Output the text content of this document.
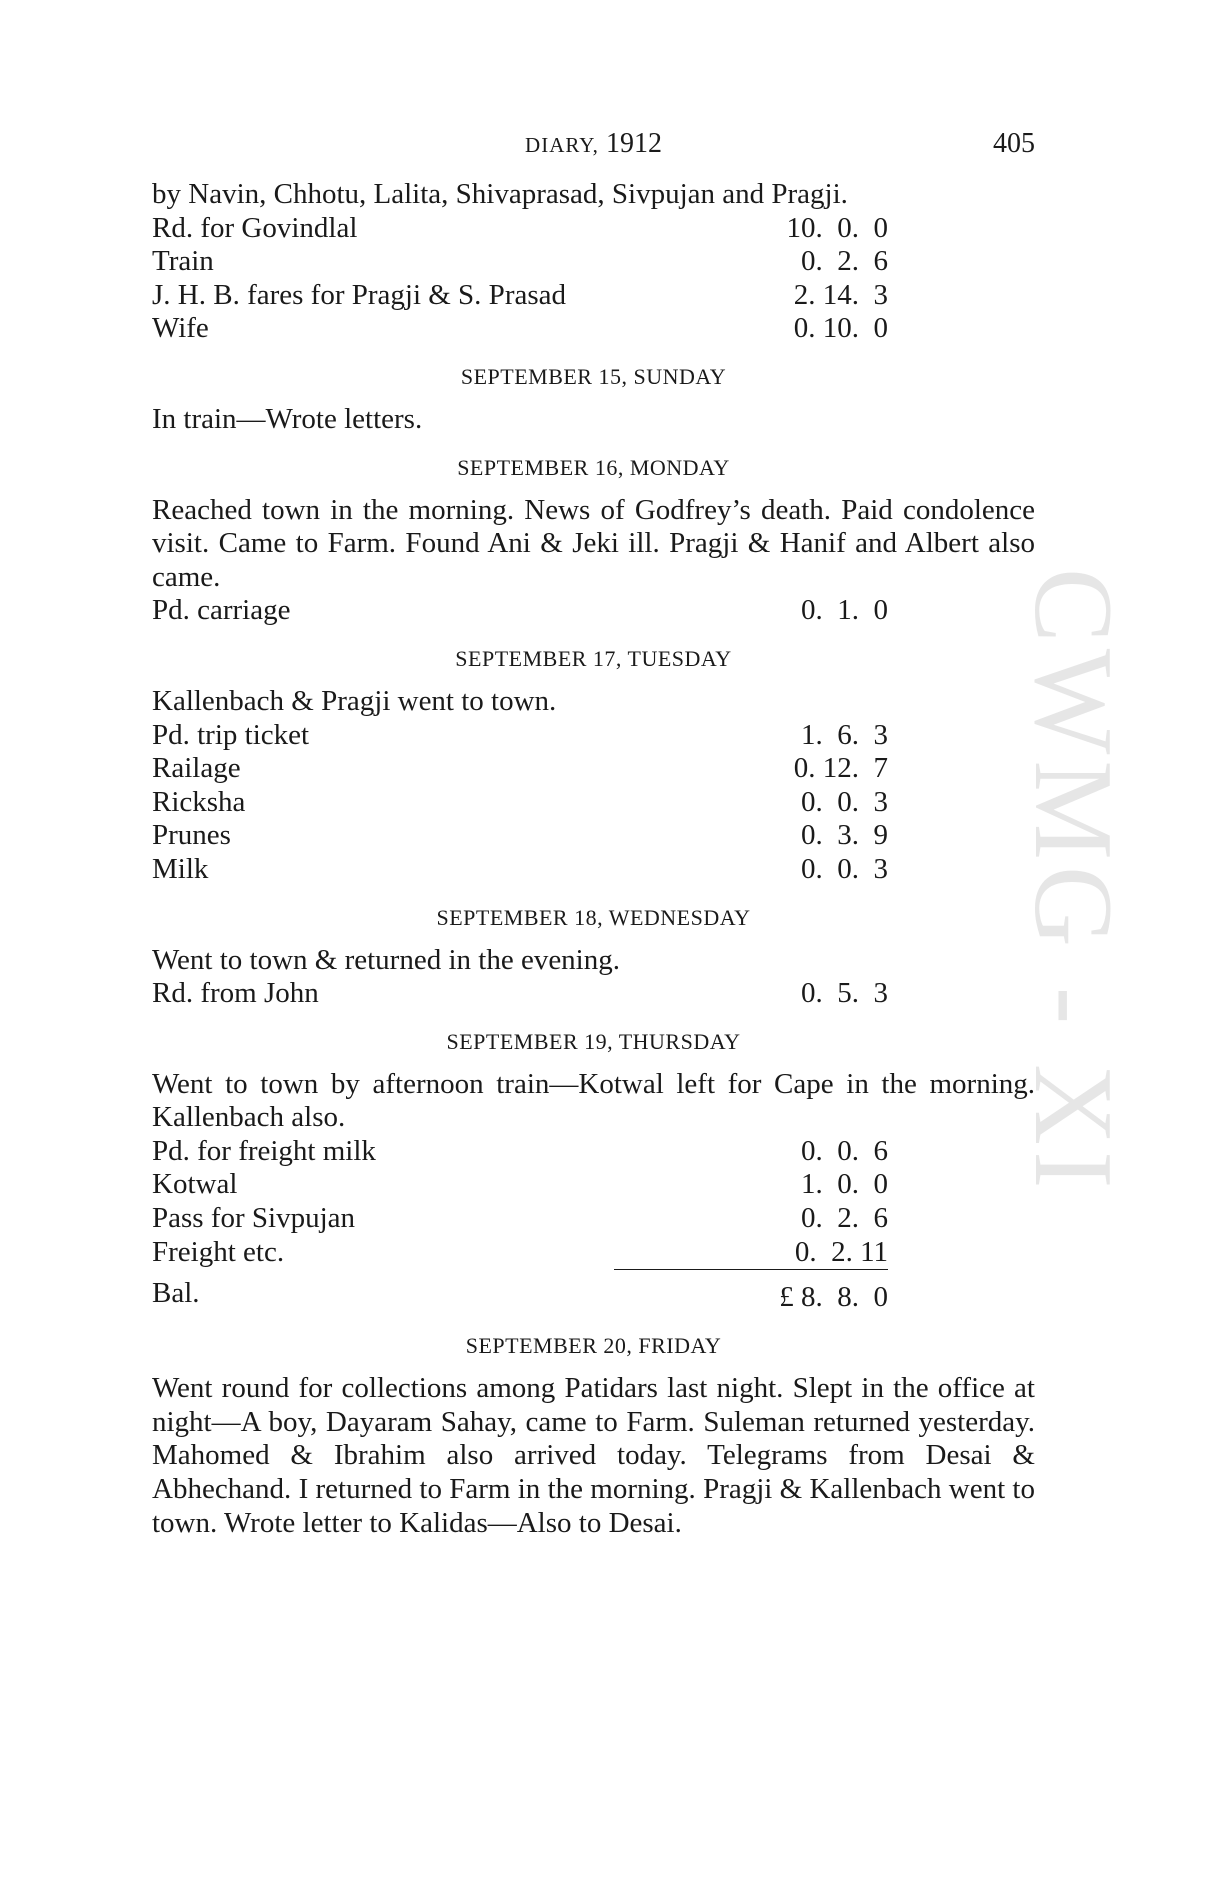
DIARY, 1912	405
CWMG - XI

by Navin, Chhotu, Lalita, Shivaprasad, Sivpujan and Pragji.

Rd. for Govindlal	10.  0.  0
Train	0.  2.  6
J. H. B. fares for Pragji & S. Prasad	2. 14.  3
Wife	0. 10.  0
SEPTEMBER 15, SUNDAY

In train—Wrote letters.

SEPTEMBER 16, MONDAY

Reached town in the morning. News of Godfrey’s death. Paid condolence visit. Came to Farm. Found Ani & Jeki ill. Pragji & Hanif and Albert also came.

Pd. carriage	0.  1.  0
SEPTEMBER 17, TUESDAY

Kallenbach & Pragji went to town.

Pd. trip ticket	1.  6.  3
Railage	0. 12.  7
Ricksha	0.  0.  3
Prunes	0.  3.  9
Milk	0.  0.  3
SEPTEMBER 18, WEDNESDAY

Went to town & returned in the evening.

Rd. from John	0.  5.  3
SEPTEMBER 19, THURSDAY

Went to town by afternoon train—Kotwal left for Cape in the morning. Kallenbach also.

Pd. for freight milk	0.  0.  6
Kotwal	1.  0.  0
Pass for Sivpujan	0.  2.  6
Freight etc.	0.  2. 11
Bal.	£ 8.  8.  0
SEPTEMBER 20, FRIDAY

Went round for collections among Patidars last night. Slept in the office at night—A boy, Dayaram Sahay, came to Farm. Suleman returned yesterday. Mahomed & Ibrahim also arrived today. Telegrams from Desai & Abhechand. I returned to Farm in the morning. Pragji & Kallenbach went to town. Wrote letter to Kalidas—Also to Desai.
